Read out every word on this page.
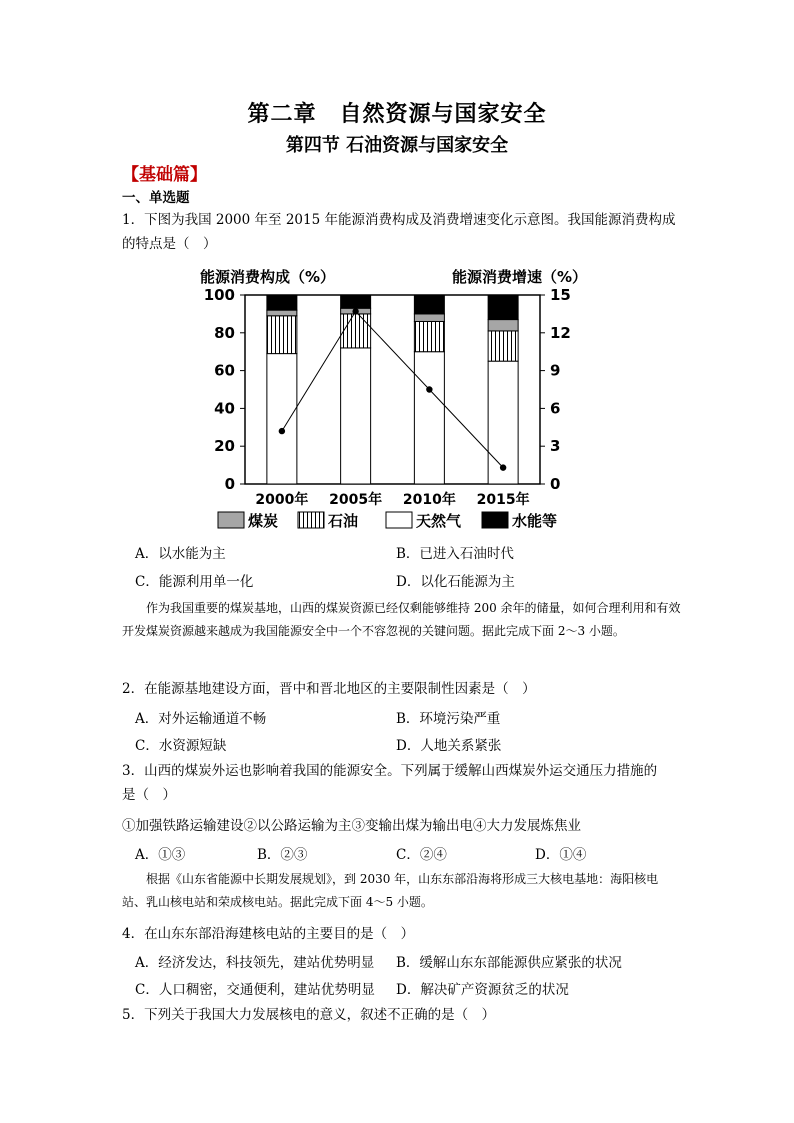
第二章　自然资源与国家安全
第四节 石油资源与国家安全
【基础篇】
一、单选题
1．下图为我国 2000 年至 2015 年能源消费构成及消费增速变化示意图。我国能源消费构成
的特点是（　）
能源消费构成（%）	能源消费增速（%）
100
80
60
40
20
0
15
12
9
6
3
0
2000年 2005年 2010年 2015年
煤炭	石油	天然气	水能等
A．以水能为主	B．已进入石油时代
C．能源利用单一化	D．以化石能源为主
作为我国重要的煤炭基地，山西的煤炭资源已经仅剩能够维持 200 余年的储量，如何合理利用和有效开发煤炭资源越来越成为我国能源安全中一个不容忽视的关键问题。据此完成下面 2～3 小题。
2．在能源基地建设方面，晋中和晋北地区的主要限制性因素是（　）
A．对外运输通道不畅	B．环境污染严重
C．水资源短缺	D．人地关系紧张
3．山西的煤炭外运也影响着我国的能源安全。下列属于缓解山西煤炭外运交通压力措施的
是（　）
①加强铁路运输建设②以公路运输为主③变输出煤为输出电④大力发展炼焦业
A．①③	B．②③	C．②④	D．①④
根据《山东省能源中长期发展规划》，到 2030 年，山东东部沿海将形成三大核电基地：海阳核电站、乳山核电站和荣成核电站。据此完成下面 4～5 小题。
4．在山东东部沿海建核电站的主要目的是（　）
A．经济发达，科技领先，建站优势明显 B．缓解山东东部能源供应紧张的状况
C．人口稠密，交通便利，建站优势明显 D．解决矿产资源贫乏的状况
5．下列关于我国大力发展核电的意义，叙述不正确的是（　）
